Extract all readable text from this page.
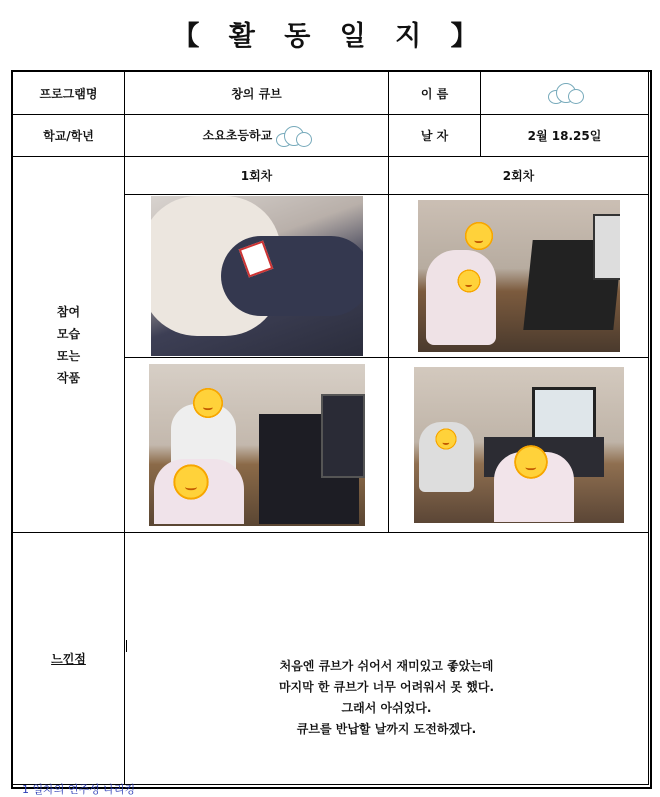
【 활 동 일 지 】
프로그램명	창의 큐브	이 름	

학교/학년	소요초등하교	날 자	2월 18.25일

참여
모습
또는
작품	1회차	2회차	

느낀점	처음엔 큐브가 쉬어서 재미있고 좋았는데
마지막 한 큐브가 너무 어려워서 못 했다.
그래서 아쉬었다.
큐브를 반납할 날까지 도전하겠다.		
1 일차의 연주성 나리킹
